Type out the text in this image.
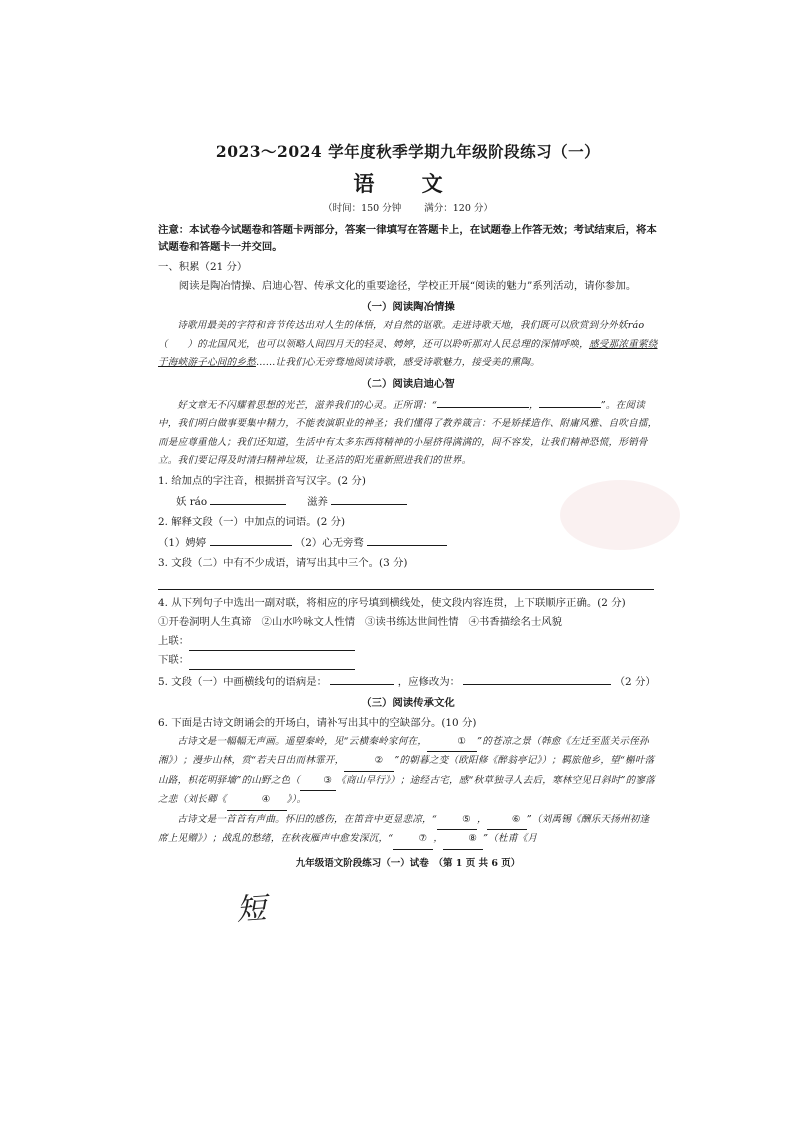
2023～2024 学年度秋季学期九年级阶段练习（一）
语 文
（时间：150 分钟 满分：120 分）
注意：本试卷今试题卷和答题卡两部分，答案一律填写在答题卡上，在试题卷上作答无效；考试结束后，将本试题卷和答题卡一并交回。
一、积累（21 分）
阅读是陶冶情操、启迪心智、传承文化的重要途径，学校正开展“阅读的魅力”系列活动，请你参加。
（一）阅读陶冶情操
诗歌用最美的字符和音节传达出对人生的体悟，对自然的讴歌。走进诗歌天地，我们既可以欣赏到分外妖ráo（　　）的北国风光，也可以领略人间四月天的轻灵、娉婷，还可以聆听那对人民总理的深情呼唤，感受那浓重萦绕于海峡游子心间的乡愁……让我们心无旁骛地阅读诗歌，感受诗歌魅力，接受美的熏陶。
（二）阅读启迪心智
好文章无不闪耀着思想的光芒，滋养我们的心灵。正所谓：“	，	”。在阅读中，我们明白做事要集中精力，不能表演职业的神圣；我们懂得了教养箴言：不是矫揉造作、附庸风雅、自吹自擂，而是应尊重他人；我们还知道，生活中有太多东西将精神的小屋挤得满满的，间不容发，让我们精神恐慌，形销骨立。我们要记得及时清扫精神垃圾，让圣洁的阳光重新照进我们的世界。
1. 给加点的字注音，根据拼音写汉字。(2 分)
妖 ráo	滋养
2. 解释文段（一）中加点的词语。(2 分)
（1）娉婷	（2）心无旁骛
3. 文段（二）中有不少成语，请写出其中三个。(3 分)
4. 从下列句子中选出一副对联，将相应的序号填到横线处，使文段内容连贯，上下联顺序正确。(2 分)
①开卷洞明人生真谛 ②山水吟咏文人性情 ③读书练达世间性情 ④书香描绘名士风貌
上联：
下联：
5. 文段（一）中画横线句的语病是：	，应修改为：	（2 分）
（三）阅读传承文化
6. 下面是古诗文朗诵会的开场白，请补写出其中的空缺部分。(10 分)
古诗文是一幅幅无声画。遥望秦岭，见“云横秦岭家何在，	① ”的苍凉之景（韩愈《左迁至蓝关示侄孙湘》）；漫步山林，赏“若夫日出而林霏开，	② ”的朝暮之变（欧阳修《醉翁亭记》）；羁旅他乡，望“槲叶落山路，枳花明驿墙”的山野之色（ ③ 《商山早行》）；途经古宅，感“秋草独寻人去后，寒林空见日斜时”的寥落之悲（刘长卿《	④ 》）。
古诗文是一首首有声曲。怀旧的感伤，在笛音中更显悲凉，“	⑤ ，	⑥ ”（刘禹锡《酬乐天扬州初逢席上见赠》）；战乱的愁绪，在秋夜雁声中愈发深沉，“	⑦ ，	⑧ ”（杜甫《月
九年级语文阶段练习（一）试卷　（第 1 页 共 6 页）
短
